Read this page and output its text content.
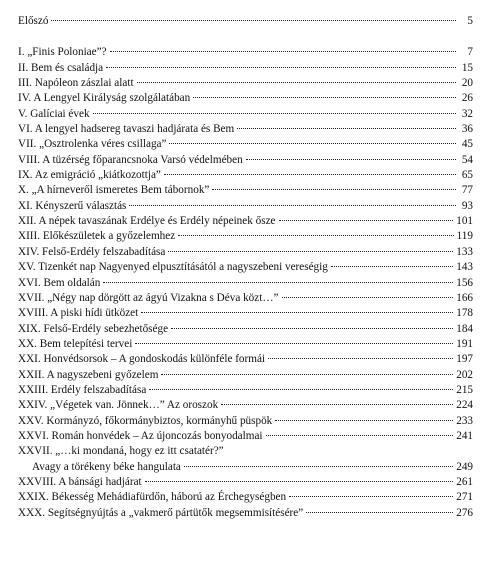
Előszó	5
I. „Finis Poloniae”?	7
II. Bem és családja	15
III. Napóleon zászlai alatt	20
IV. A Lengyel Királyság szolgálatában	26
V. Galíciai évek	32
VI. A lengyel hadsereg tavaszi hadjárata és Bem	36
VII. „Osztrolenka véres csillaga”	45
VIII. A tüzérség főparancsnoka Varsó védelmében	54
IX. Az emigráció „kiátkozottja”	65
X. „A hírneveről ismeretes Bem tábornok”	77
XI. Kényszerű választás	93
XII. A népek tavaszának Erdélye és Erdély népeinek ősze	101
XIII. Előkészületek a győzelemhez	119
XIV. Felső-Erdély felszabadítása	133
XV. Tizenkét nap Nagyenyed elpusztításától a nagyszebeni vereségig	143
XVI. Bem oldalán	156
XVII. „Négy nap dörgött az ágyú Vizakna s Déva közt…”	166
XVIII. A piski hídi ütközet	178
XIX. Felső-Erdély sebezhetősége	184
XX. Bem telepítési tervei	191
XXI. Honvédsorsok – A gondoskodás különféle formái	197
XXII. A nagyszebeni győzelem	202
XXIII. Erdély felszabadítása	215
XXIV. „Végetek van. Jönnek…” Az oroszok	224
XXV. Kormányzó, főkormánybiztos, kormányhű püspök	233
XXVI. Román honvédek – Az újoncozás bonyodalmai	241
XXVII. „…ki mondaná, hogy ez itt csatatér?”
Avagy a törékeny béke hangulata	249
XXVIII. A bánsági hadjárat	261
XXIX. Békesség Mehádiafürdőn, háború az Érchegységben	271
XXX. Segítségnyújtás a „vakmerő pártütők megsemmisítésére”	276
